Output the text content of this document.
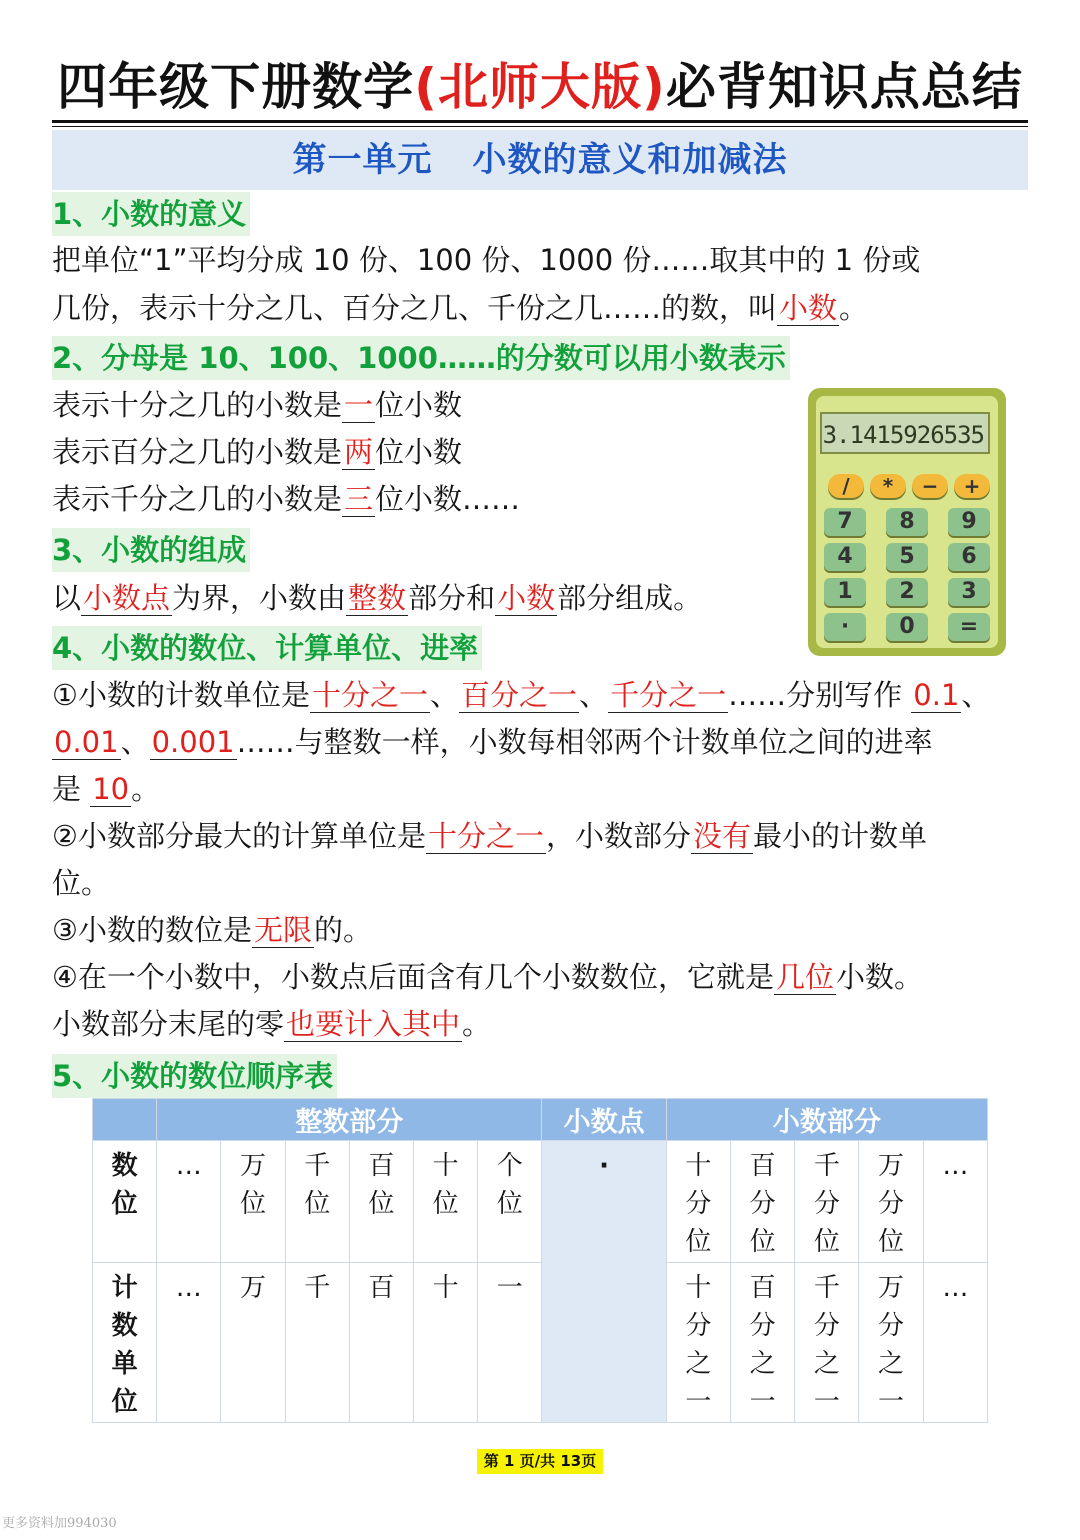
四年级下册数学(北师大版)必背知识点总结
第一单元 小数的意义和加减法
1、小数的意义
把单位“1”平均分成 10 份、100 份、1000 份……取其中的 1 份或
几份，表示十分之几、百分之几、千份之几……的数，叫小数。
2、分母是 10、100、1000……的分数可以用小数表示
表示十分之几的小数是一位小数
表示百分之几的小数是两位小数
表示千分之几的小数是三位小数……
3.1415926535
/	*	−	+
7	8	9
4	5	6
1	2	3
·	0	=
3、小数的组成
以小数点为界，小数由整数部分和小数部分组成。
4、小数的数位、计算单位、进率
①小数的计数单位是十分之一、百分之一、千分之一……分别写作 0.1、
0.01、0.001……与整数一样，小数每相邻两个计数单位之间的进率
是 10。
②小数部分最大的计算单位是十分之一，小数部分没有最小的计数单
位。
③小数的数位是无限的。
④在一个小数中，小数点后面含有几个小数数位，它就是几位小数。
小数部分末尾的零也要计入其中。
5、小数的数位顺序表
	整数部分						小数点	小数部分				
数位	…	万位	千位	百位	十位	个位	·	十分位	百分位	千分位	万分位	…
计数单位	…	万	千	百	十	一		十分之一	百分之一	千分之一	万分之一	…
第 1 页/共 13页
更多资料加994030
